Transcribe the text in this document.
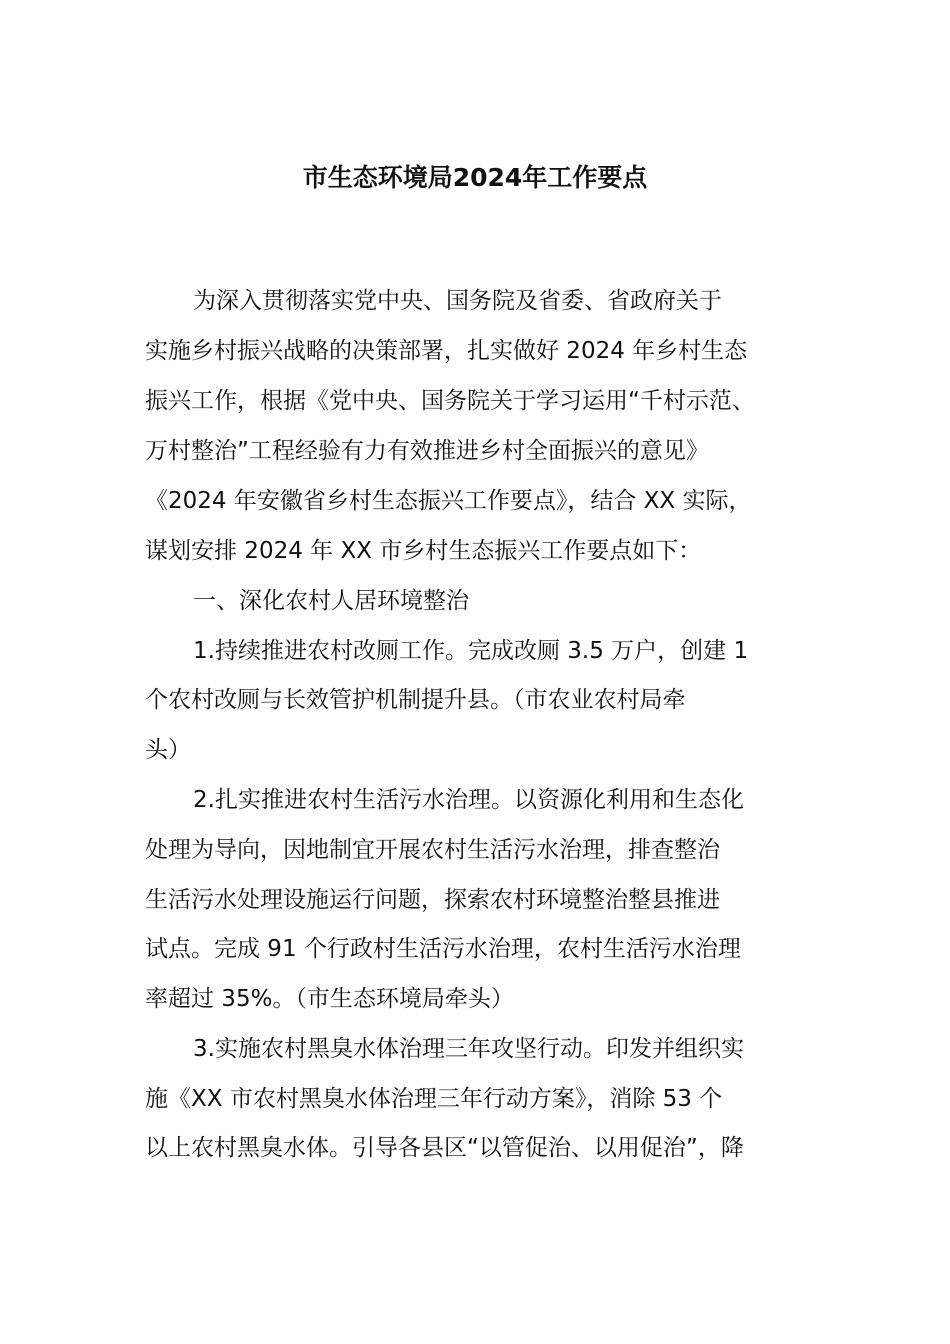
市生态环境局2024年工作要点

为深入贯彻落实党中央、国务院及省委、省政府关于

实施乡村振兴战略的决策部署，扎实做好 2024 年乡村生态

振兴工作，根据《党中央、国务院关于学习运用“千村示范、

万村整治”工程经验有力有效推进乡村全面振兴的意见》

《2024 年安徽省乡村生态振兴工作要点》，结合 XX 实际，

谋划安排 2024 年 XX 市乡村生态振兴工作要点如下：

一、深化农村人居环境整治

1.持续推进农村改厕工作。完成改厕 3.5 万户，创建 1

个农村改厕与长效管护机制提升县。（市农业农村局牵

头）

2.扎实推进农村生活污水治理。以资源化利用和生态化

处理为导向，因地制宜开展农村生活污水治理，排查整治

生活污水处理设施运行问题，探索农村环境整治整县推进

试点。完成 91 个行政村生活污水治理，农村生活污水治理

率超过 35%。（市生态环境局牵头）

3.实施农村黑臭水体治理三年攻坚行动。印发并组织实

施《XX 市农村黑臭水体治理三年行动方案》，消除 53 个

以上农村黑臭水体。引导各县区“以管促治、以用促治”，降
